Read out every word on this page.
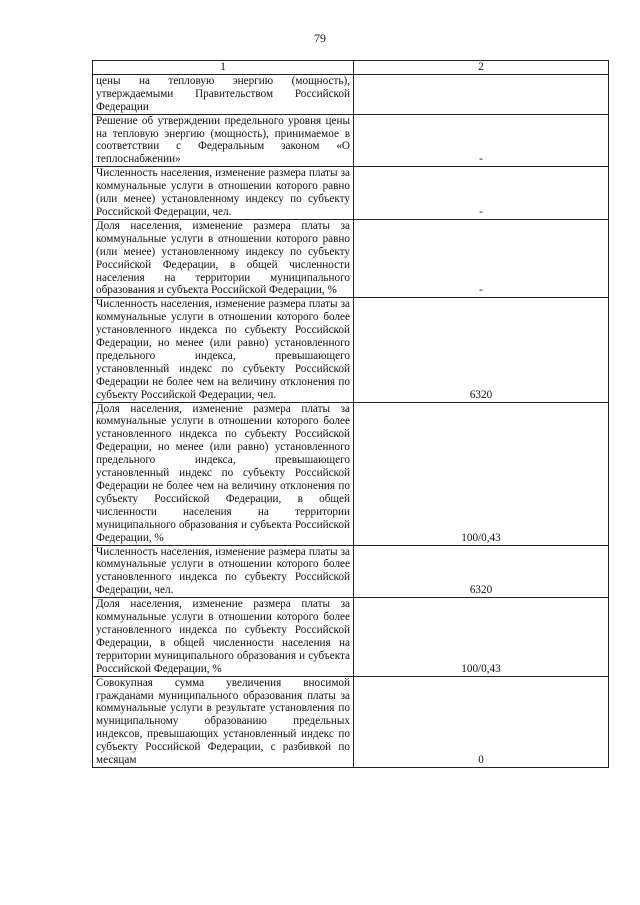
79
1	2
цены на тепловую энергию (мощность), утверждаемыми Правительством Российской Федерации	
Решение об утверждении предельного уровня цены на тепловую энергию (мощность), принимаемое в соответствии с Федеральным законом «О теплоснабжении»	-
Численность населения, изменение размера платы за коммунальные услуги в отношении которого равно (или менее) установленному индексу по субъекту Российской Федерации, чел.	-
Доля населения, изменение размера платы за коммунальные услуги в отношении которого равно (или менее) установленному индексу по субъекту Российской Федерации, в общей численности населения на территории муниципального образования и субъекта Российской Федерации, %	-
Численность населения, изменение размера платы за коммунальные услуги в отношении которого более установленного индекса по субъекту Российской Федерации, но менее (или равно) установленного предельного индекса, превышающего установленный индекс по субъекту Российской Федерации не более чем на величину отклонения по субъекту Российской Федерации, чел.	6320
Доля населения, изменение размера платы за коммунальные услуги в отношении которого более установленного индекса по субъекту Российской Федерации, но менее (или равно) установленного предельного индекса, превышающего установленный индекс по субъекту Российской Федерации не более чем на величину отклонения по субъекту Российской Федерации, в общей численности населения на территории муниципального образования и субъекта Российской Федерации, %	100/0,43
Численность населения, изменение размера платы за коммунальные услуги в отношении которого более установленного индекса по субъекту Российской Федерации, чел.	6320
Доля населения, изменение размера платы за коммунальные услуги в отношении которого более установленного индекса по субъекту Российской Федерации, в общей численности населения на территории муниципального образования и субъекта Российской Федерации, %	100/0,43
Совокупная сумма увеличения вносимой гражданами муниципального образования платы за коммунальные услуги в результате установления по муниципальному образованию предельных индексов, превышающих установленный индекс по субъекту Российской Федерации, с разбивкой по месяцам	0
